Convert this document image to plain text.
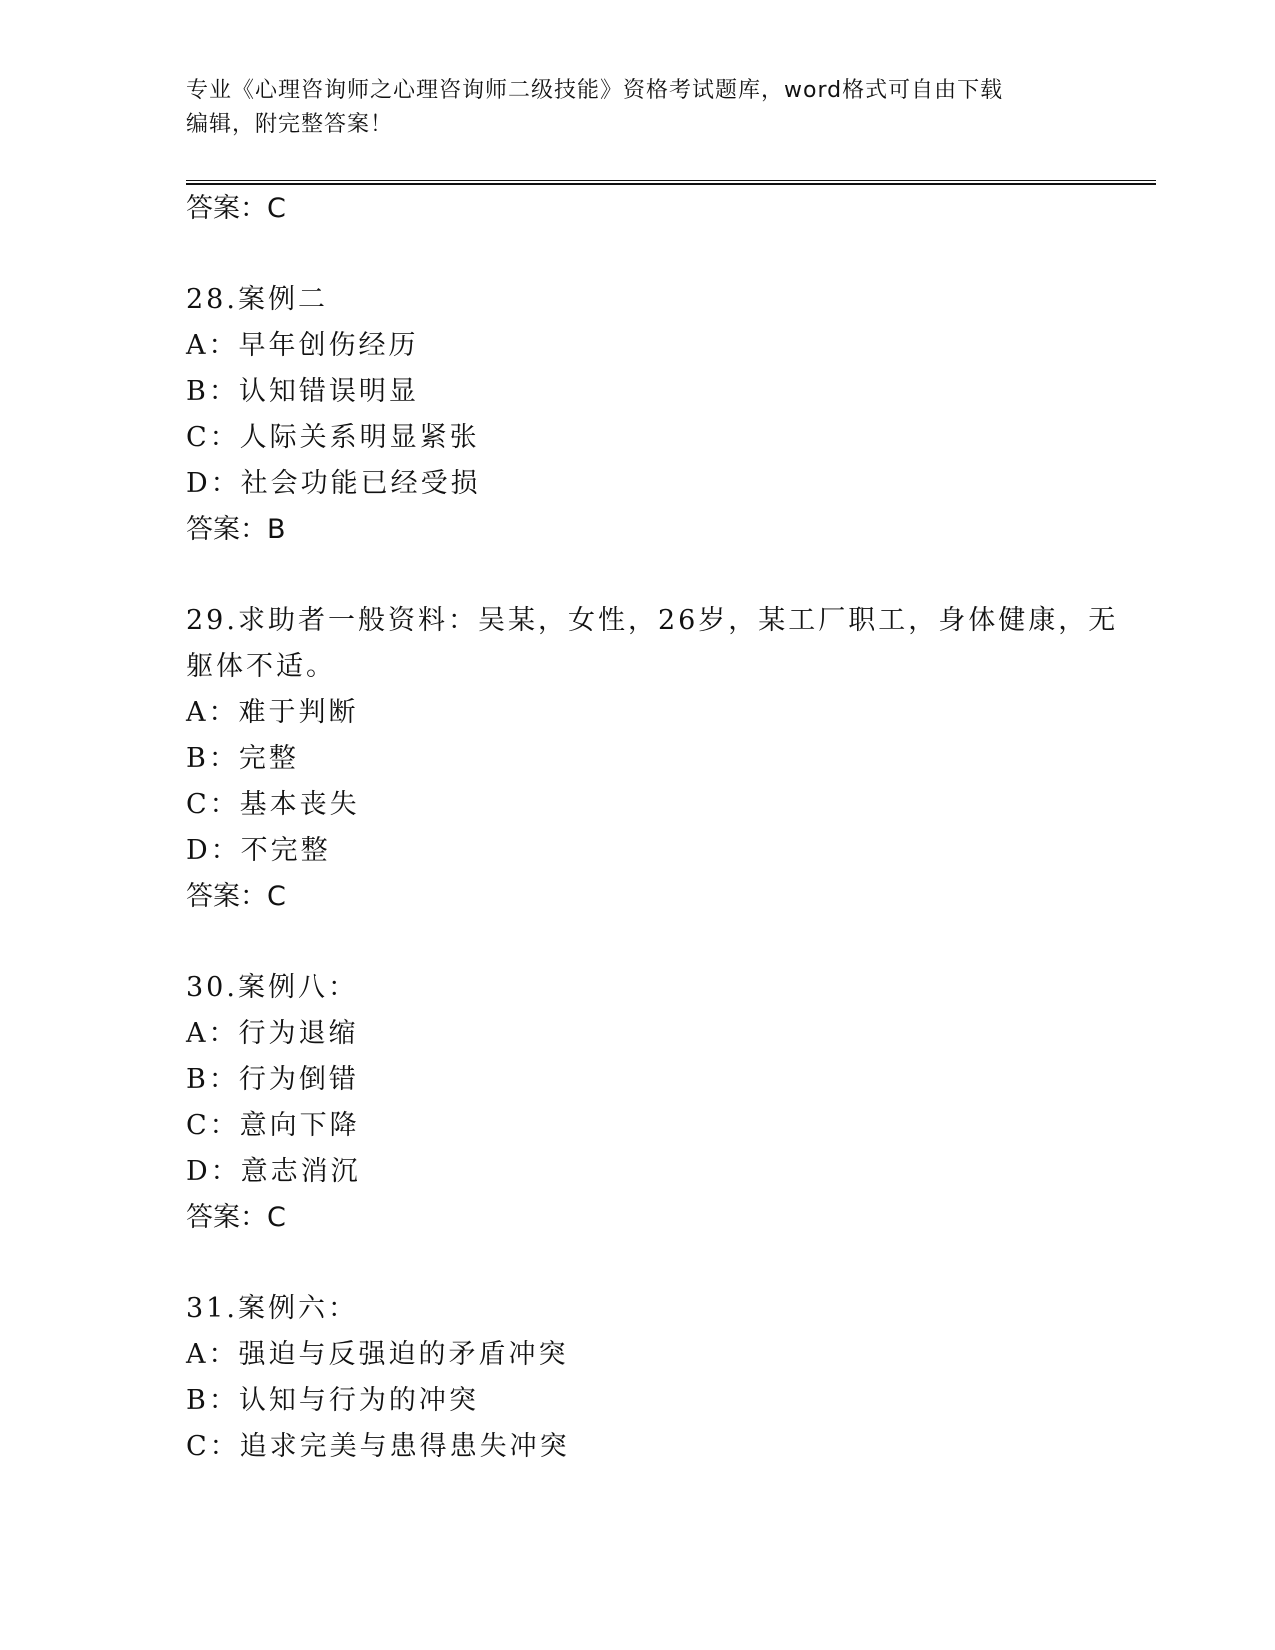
专业《心理咨询师之心理咨询师二级技能》资格考试题库，word格式可自由下载
编辑，附完整答案！

答案：C

28.案例二

A：早年创伤经历

B：认知错误明显

C：人际关系明显紧张

D：社会功能已经受损

答案：B

29.求助者一般资料：吴某，女性，26岁，某工厂职工，身体健康，无

躯体不适。

A：难于判断

B：完整

C：基本丧失

D：不完整

答案：C

30.案例八：

A：行为退缩

B：行为倒错

C：意向下降

D：意志消沉

答案：C

31.案例六：

A：强迫与反强迫的矛盾冲突

B：认知与行为的冲突

C：追求完美与患得患失冲突
